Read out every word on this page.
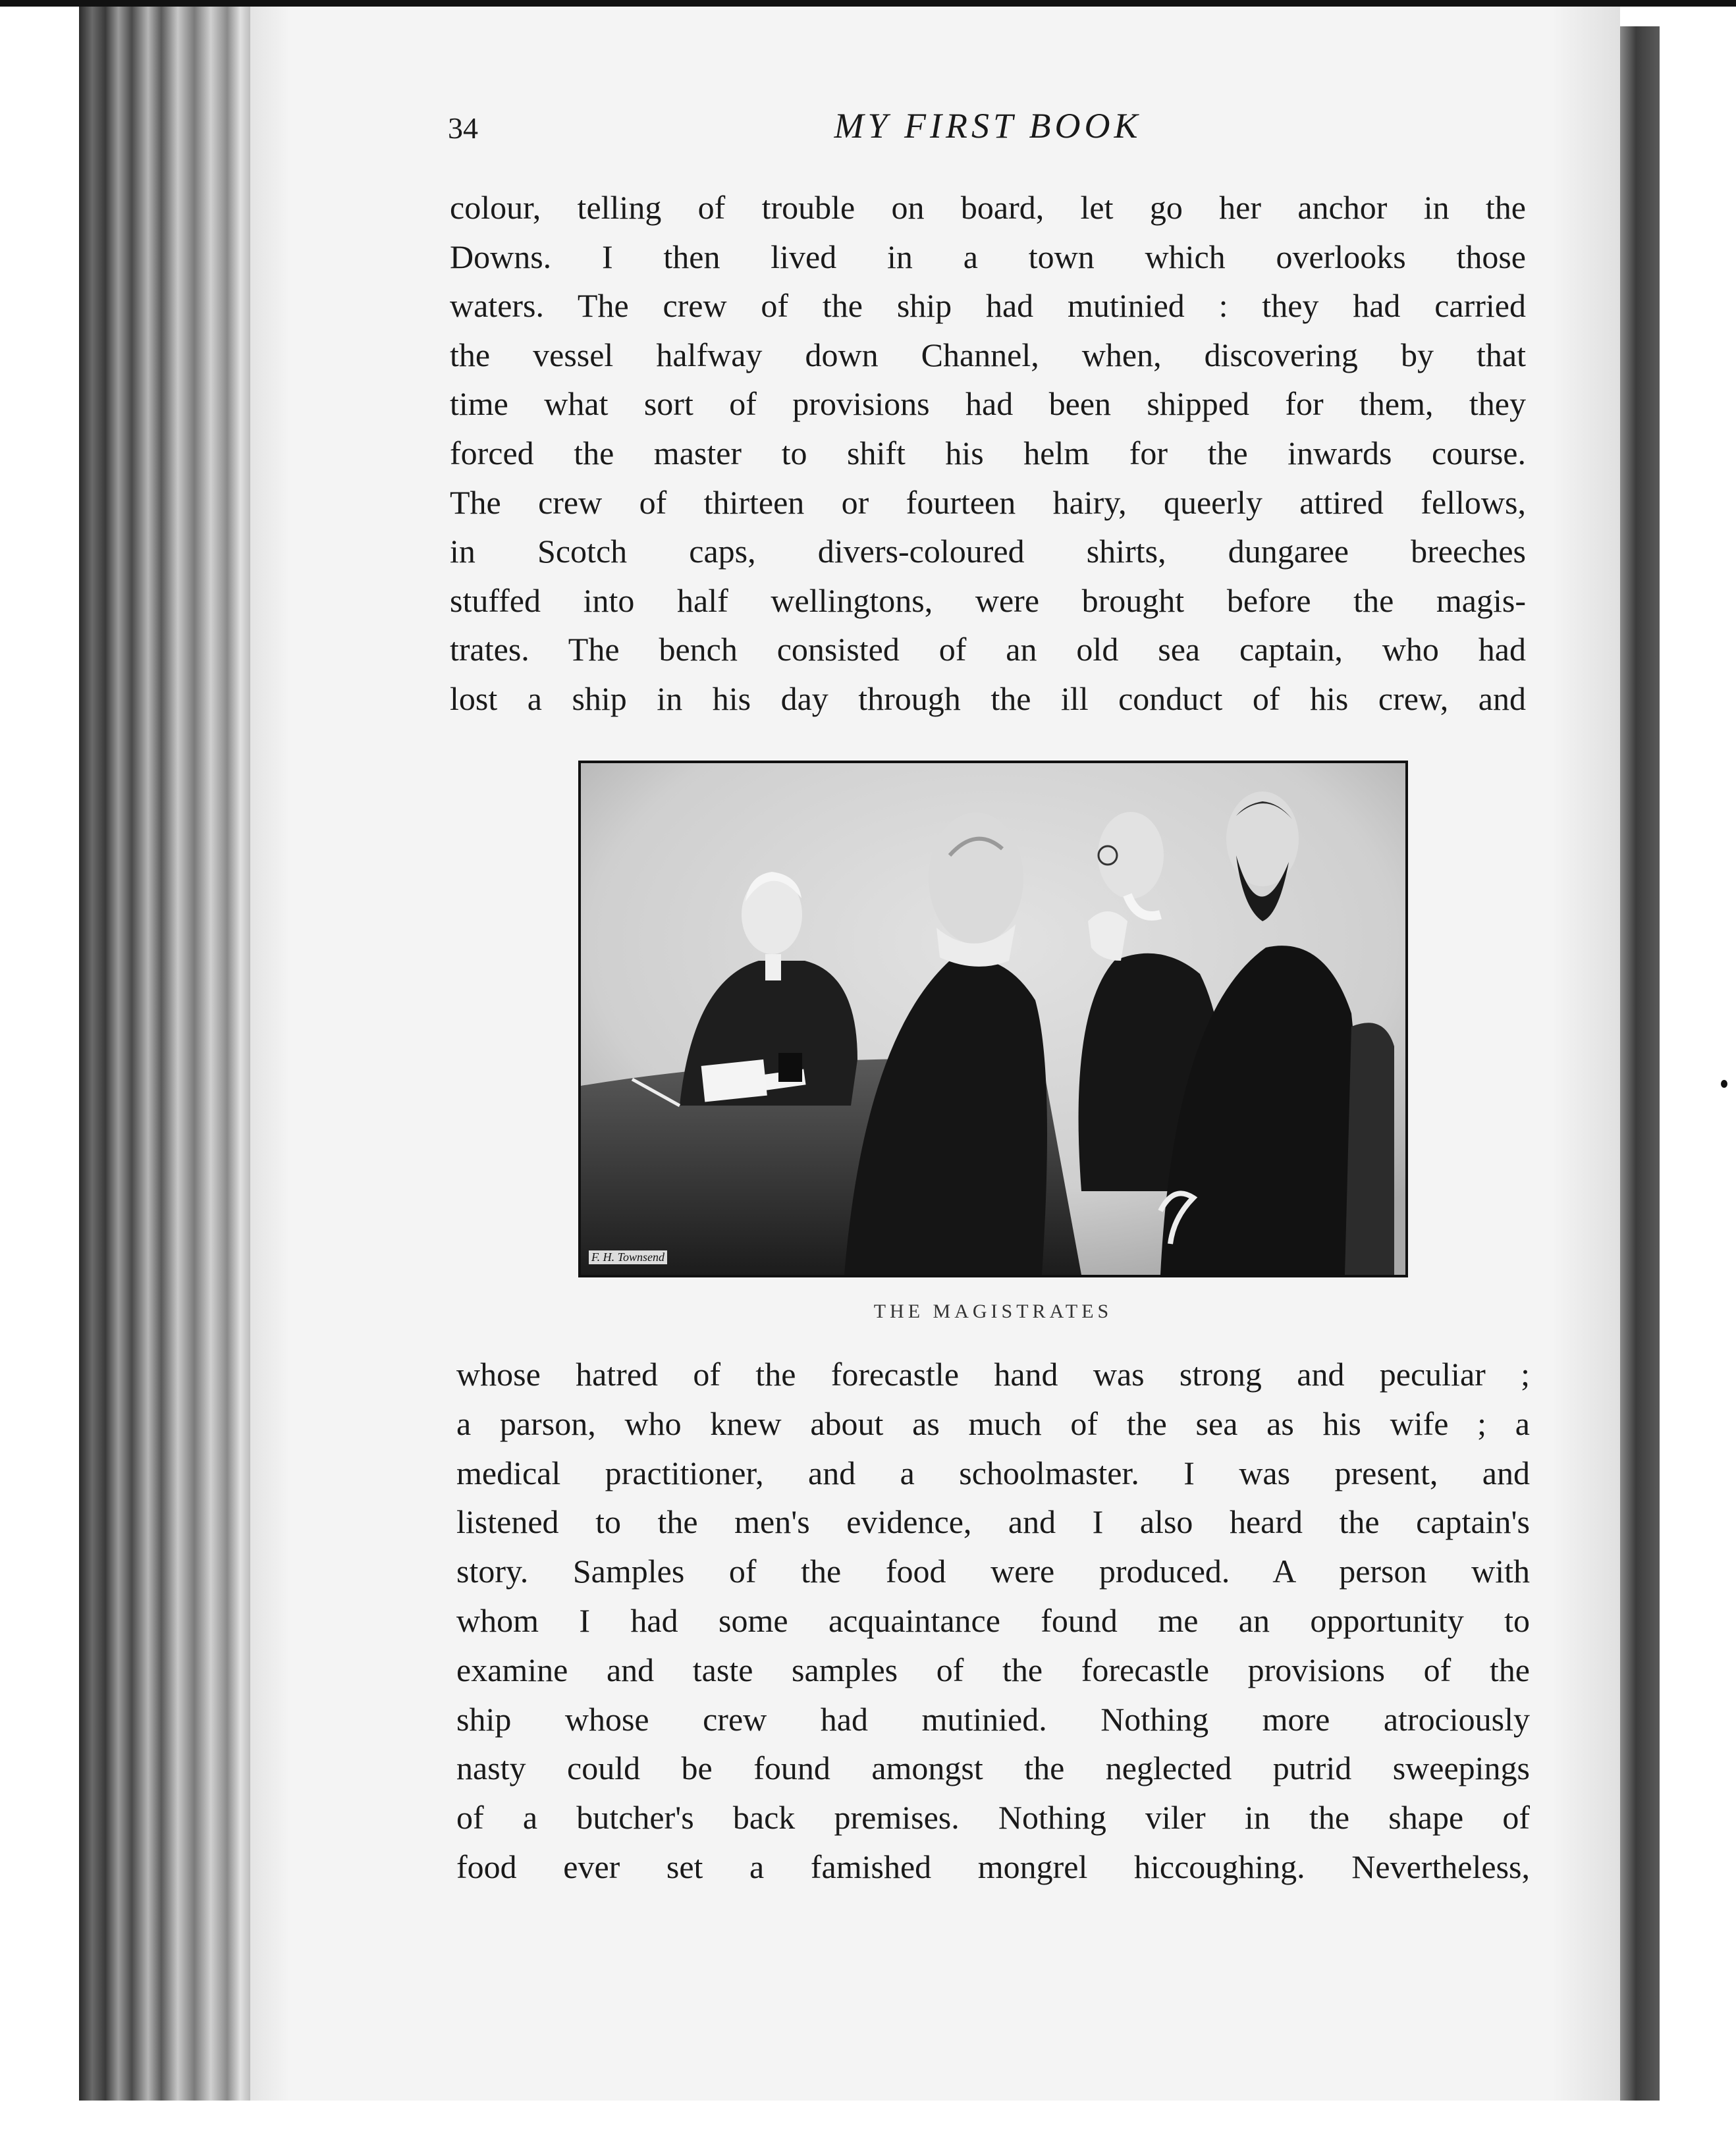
34	MY FIRST BOOK
colour, telling of trouble on board, let go her anchor in the
Downs. I then lived in a town which overlooks those
waters. The crew of the ship had mutinied : they had carried
the vessel halfway down Channel, when, discovering by that
time what sort of provisions had been shipped for them, they
forced the master to shift his helm for the inwards course.
The crew of thirteen or fourteen hairy, queerly attired fellows,
in Scotch caps, divers-coloured shirts, dungaree breeches
stuffed into half wellingtons, were brought before the magis-
trates. The bench consisted of an old sea captain, who had
lost a ship in his day through the ill conduct of his crew, and
F. H. Townsend
THE MAGISTRATES
whose hatred of the forecastle hand was strong and peculiar ;
a parson, who knew about as much of the sea as his wife ; a
medical practitioner, and a schoolmaster. I was present, and
listened to the men's evidence, and I also heard the captain's
story. Samples of the food were produced. A person with
whom I had some acquaintance found me an opportunity to
examine and taste samples of the forecastle provisions of the
ship whose crew had mutinied. Nothing more atrociously
nasty could be found amongst the neglected putrid sweepings
of a butcher's back premises. Nothing viler in the shape of
food ever set a famished mongrel hiccoughing. Nevertheless,
